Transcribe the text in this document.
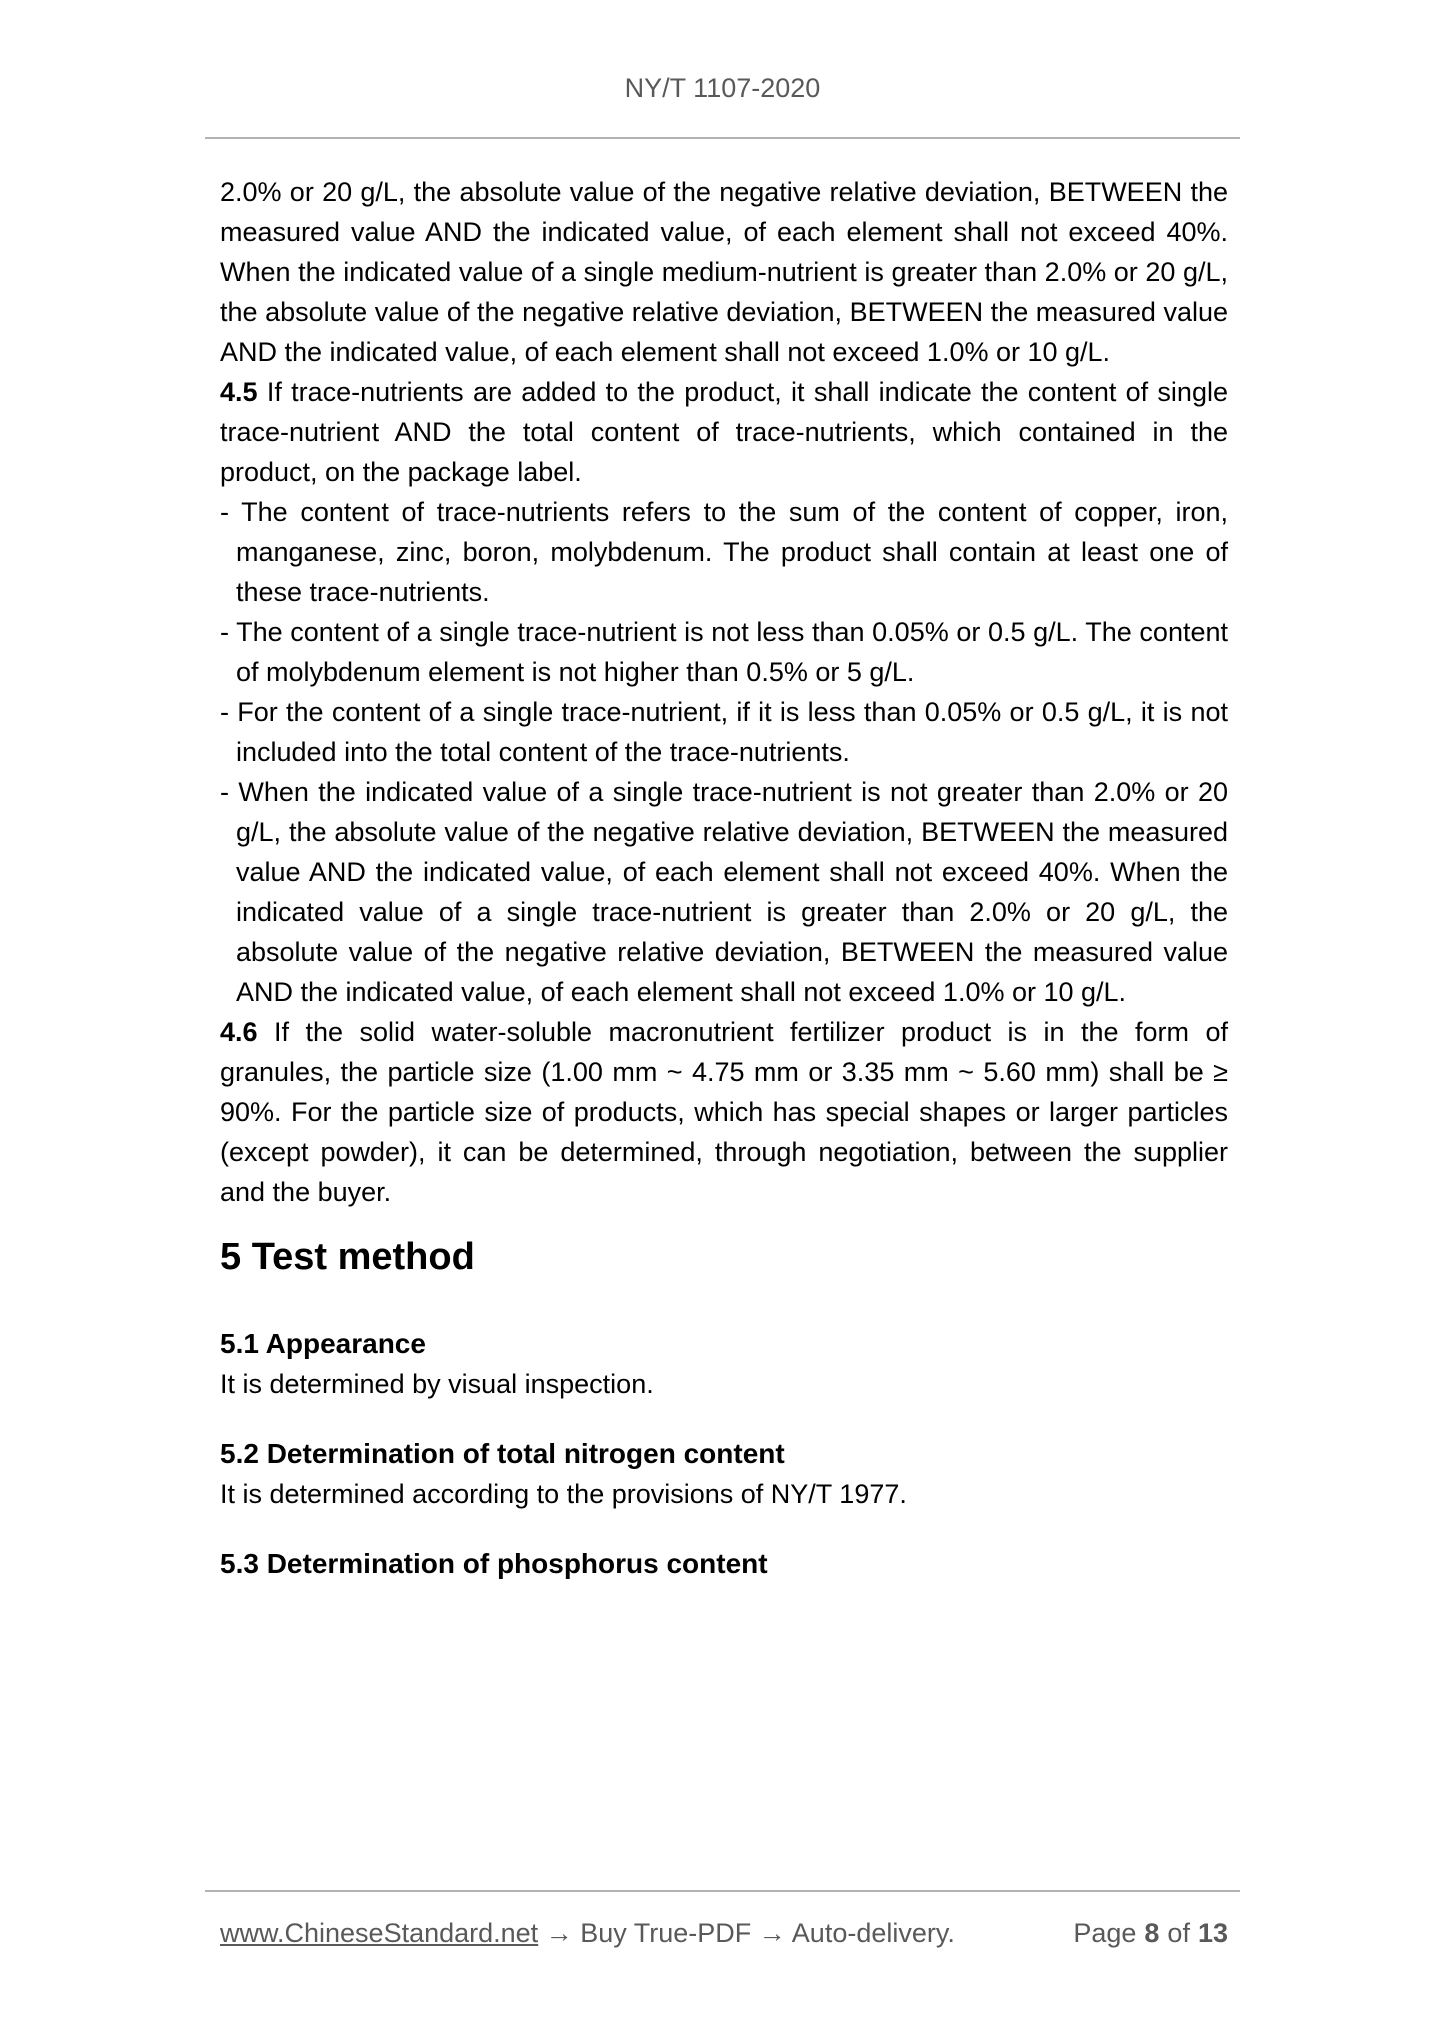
NY/T 1107-2020

2.0% or 20 g/L, the absolute value of the negative relative deviation, BETWEEN the measured value AND the indicated value, of each element shall not exceed 40%. When the indicated value of a single medium-nutrient is greater than 2.0% or 20 g/L, the absolute value of the negative relative deviation, BETWEEN the measured value AND the indicated value, of each element shall not exceed 1.0% or 10 g/L.

4.5 If trace-nutrients are added to the product, it shall indicate the content of single trace-nutrient AND the total content of trace-nutrients, which contained in the product, on the package label.

- The content of trace-nutrients refers to the sum of the content of copper, iron, manganese, zinc, boron, molybdenum. The product shall contain at least one of these trace-nutrients.

- The content of a single trace-nutrient is not less than 0.05% or 0.5 g/L. The content of molybdenum element is not higher than 0.5% or 5 g/L.

- For the content of a single trace-nutrient, if it is less than 0.05% or 0.5 g/L, it is not included into the total content of the trace-nutrients.

- When the indicated value of a single trace-nutrient is not greater than 2.0% or 20 g/L, the absolute value of the negative relative deviation, BETWEEN the measured value AND the indicated value, of each element shall not exceed 40%. When the indicated value of a single trace-nutrient is greater than 2.0% or 20 g/L, the absolute value of the negative relative deviation, BETWEEN the measured value AND the indicated value, of each element shall not exceed 1.0% or 10 g/L.

4.6 If the solid water-soluble macronutrient fertilizer product is in the form of granules, the particle size (1.00 mm ~ 4.75 mm or 3.35 mm ~ 5.60 mm) shall be ≥ 90%. For the particle size of products, which has special shapes or larger particles (except powder), it can be determined, through negotiation, between the supplier and the buyer.

5 Test method
5.1 Appearance

It is determined by visual inspection.

5.2 Determination of total nitrogen content

It is determined according to the provisions of NY/T 1977.

5.3 Determination of phosphorus content
www.ChineseStandard.net → Buy True-PDF → Auto-delivery.	Page 8 of 13
